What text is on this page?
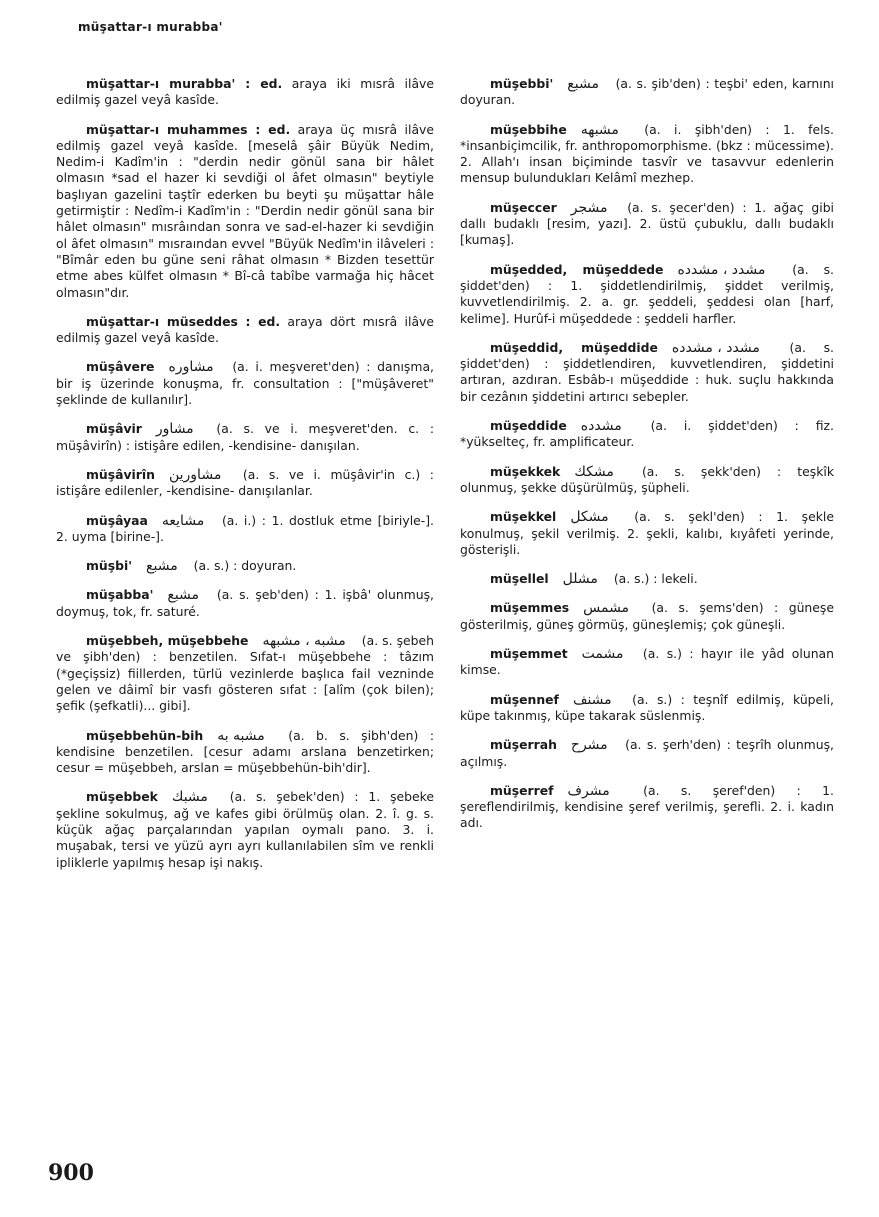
müşattar-ı murabba'

müşattar-ı murabba' : ed. araya iki mısrâ ilâve edilmiş gazel veyâ kasîde.

müşattar-ı muhammes : ed. araya üç mısrâ ilâve edilmiş gazel veyâ kasîde. [meselâ şâir Büyük Nedim, Nedim-i Kadîm'in : "derdin nedir gönül sana bir hâlet olmasın *sad el hazer ki sevdiği ol âfet olmasın" beytiyle başlıyan gazelini taştîr ederken bu beyti şu müşattar hâle getirmiştir : Nedîm-i Kadîm'in : "Derdin nedir gönül sana bir hâlet olmasın" mısrâından sonra ve sad-el-hazer ki sevdiğin ol âfet olmasın" mısraından evvel "Büyük Nedîm'in ilâveleri : "Bîmâr eden bu güne seni râhat olmasın * Bizden tesettür etme abes külfet olmasın * Bî-câ tabîbe varmağa hiç hâcet olmasın"dır.

müşattar-ı müseddes : ed. araya dört mısrâ ilâve edilmiş gazel veyâ kasîde.

müşâvere مشاوره (a. i. meşveret'den) : danışma, bir iş üzerinde konuşma, fr. consultation : ["müşâveret" şeklinde de kullanılır].

müşâvir مشاور (a. s. ve i. meşveret'den. c. : müşâvirîn) : istişâre edilen, -kendisine- danışılan.

müşâvirîn مشاورين (a. s. ve i. müşâvir'in c.) : istişâre edilenler, -kendisine- danışılanlar.

müşâyaa مشايعه (a. i.) : 1. dostluk etme [biriyle-]. 2. uyma [birine-].

müşbi' مشبع (a. s.) : doyuran.

müşabba' مشبع (a. s. şeb'den) : 1. işbâ' olunmuş, doymuş, tok, fr. saturé.

müşebbeh, müşebbehe مشبه ، مشبهه (a. s. şebeh ve şibh'den) : benzetilen. Sıfat-ı müşebbehe : tâzım (*geçişsiz) fiillerden, türlü vezinlerde başlıca fail vezninde gelen ve dâimî bir vasfı gösteren sıfat : [alîm (çok bilen); şefik (şefkatli)... gibi].

müşebbehün-bih مشبه به (a. b. s. şibh'den) : kendisine benzetilen. [cesur adamı arslana benzetirken; cesur = müşebbeh, arslan = müşebbehün-bih'dir].

müşebbek مشبك (a. s. şebek'den) : 1. şebeke şekline sokulmuş, ağ ve kafes gibi örülmüş olan. 2. î. g. s. küçük ağaç parçalarından yapılan oymalı pano. 3. i. muşabak, tersi ve yüzü ayrı ayrı kullanılabilen sîm ve renkli ipliklerle yapılmış hesap işi nakış.

müşebbi' مشبع (a. s. şib'den) : teşbi' eden, karnını doyuran.

müşebbihe مشبهه (a. i. şibh'den) : 1. fels. *insanbiçimcilik, fr. anthropomorphisme. (bkz : mücessime). 2. Allah'ı insan biçiminde tasvîr ve tasavvur edenlerin mensup bulundukları Kelâmî mezhep.

müşeccer مشجر (a. s. şecer'den) : 1. ağaç gibi dallı budaklı [resim, yazı]. 2. üstü çubuklu, dallı budaklı [kumaş].

müşedded, müşeddede مشدد ، مشدده (a. s. şiddet'den) : 1. şiddetlendirilmiş, şiddet verilmiş, kuvvetlendirilmiş. 2. a. gr. şeddeli, şeddesi olan [harf, kelime]. Hurûf-i müşeddede : şeddeli harfler.

müşeddid, müşeddide مشدد ، مشدده (a. s. şiddet'den) : şiddetlendiren, kuvvetlendiren, şiddetini artıran, azdıran. Esbâb-ı müşeddide : huk. suçlu hakkında bir cezânın şiddetini artırıcı sebepler.

müşeddide مشدده (a. i. şiddet'den) : fiz. *yükselteç, fr. amplificateur.

müşekkek مشكك (a. s. şekk'den) : teşkîk olunmuş, şekke düşürülmüş, şüpheli.

müşekkel مشكل (a. s. şekl'den) : 1. şekle konulmuş, şekil verilmiş. 2. şekli, kalıbı, kıyâfeti yerinde, gösterişli.

müşellel مشلل (a. s.) : lekeli.

müşemmes مشمس (a. s. şems'den) : güneşe gösterilmiş, güneş görmüş, güneşlemiş; çok güneşli.

müşemmet مشمت (a. s.) : hayır ile yâd olunan kimse.

müşennef مشنف (a. s.) : teşnîf edilmiş, küpeli, küpe takınmış, küpe takarak süslenmiş.

müşerrah مشرح (a. s. şerh'den) : teşrîh olunmuş, açılmış.

müşerref مشرف (a. s. şeref'den) : 1. şereflendirilmiş, kendisine şeref verilmiş, şerefli. 2. i. kadın adı.

900
